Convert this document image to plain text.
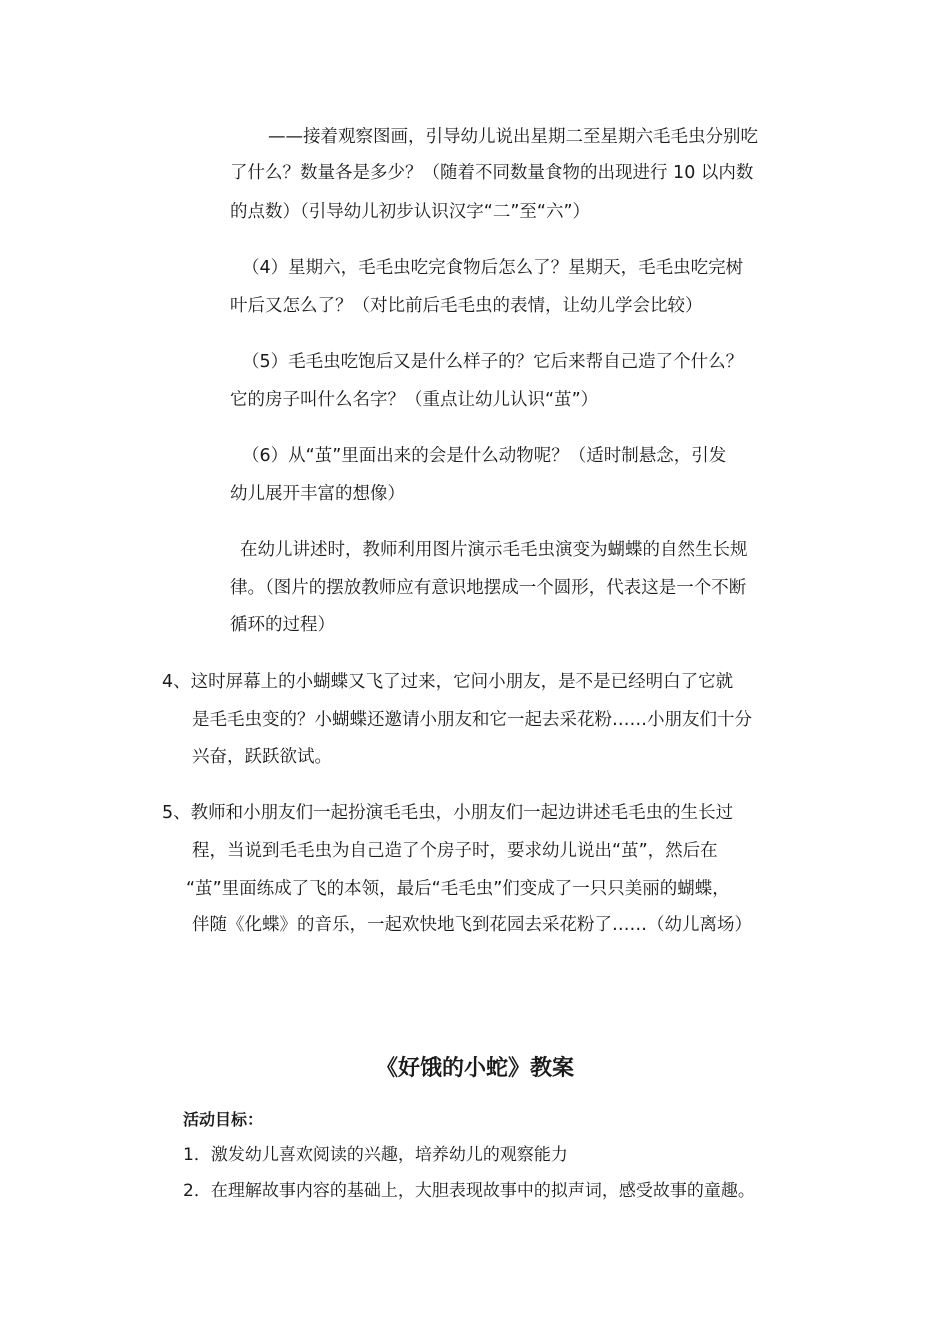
——接着观察图画，引导幼儿说出星期二至星期六毛毛虫分别吃
了什么？数量各是多少？（随着不同数量食物的出现进行 10 以内数
的点数）（引导幼儿初步认识汉字“二”至“六”）
（4）星期六，毛毛虫吃完食物后怎么了？星期天，毛毛虫吃完树
叶后又怎么了？（对比前后毛毛虫的表情，让幼儿学会比较）
（5）毛毛虫吃饱后又是什么样子的？它后来帮自己造了个什么？
它的房子叫什么名字？（重点让幼儿认识“茧”）
（6）从“茧”里面出来的会是什么动物呢？（适时制悬念，引发
幼儿展开丰富的想像）
在幼儿讲述时，教师利用图片演示毛毛虫演变为蝴蝶的自然生长规
律。（图片的摆放教师应有意识地摆成一个圆形，代表这是一个不断
循环的过程）
4、这时屏幕上的小蝴蝶又飞了过来，它问小朋友，是不是已经明白了它就
是毛毛虫变的？小蝴蝶还邀请小朋友和它一起去采花粉……小朋友们十分
兴奋，跃跃欲试。
5、教师和小朋友们一起扮演毛毛虫，小朋友们一起边讲述毛毛虫的生长过
程，当说到毛毛虫为自己造了个房子时，要求幼儿说出“茧”，然后在
“茧”里面练成了飞的本领，最后“毛毛虫”们变成了一只只美丽的蝴蝶，
伴随《化蝶》的音乐，一起欢快地飞到花园去采花粉了……（幼儿离场）
《好饿的小蛇》教案
活动目标：
1．激发幼儿喜欢阅读的兴趣，培养幼儿的观察能力
2．在理解故事内容的基础上，大胆表现故事中的拟声词，感受故事的童趣。
